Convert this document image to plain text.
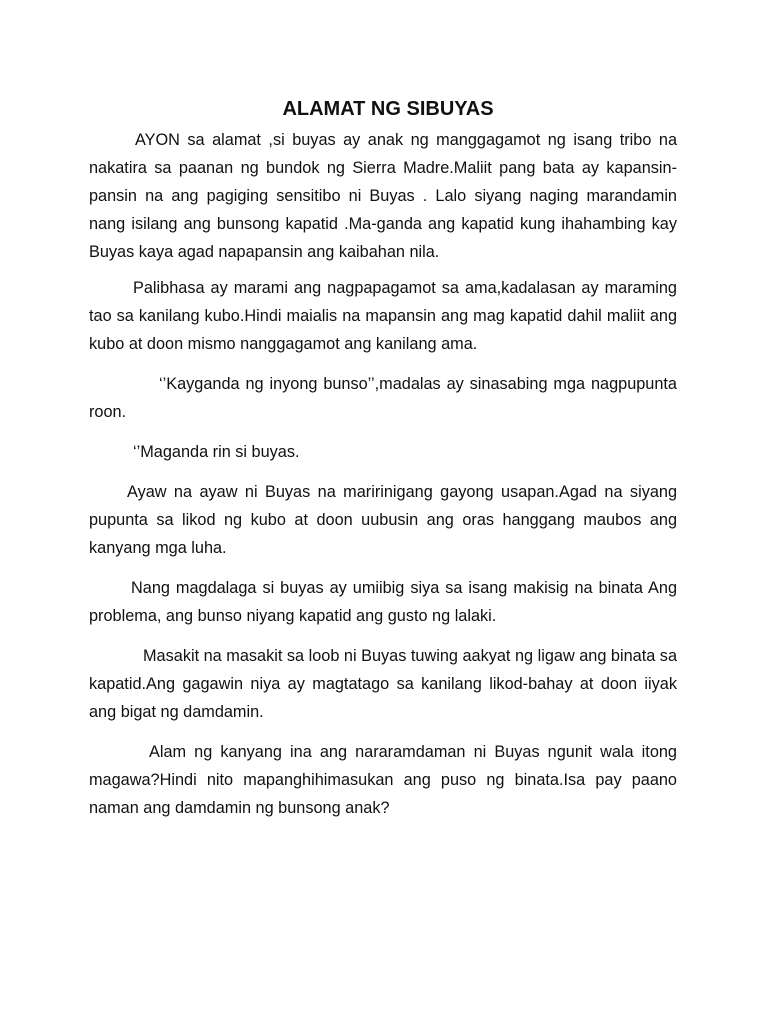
ALAMAT NG SIBUYAS

AYON sa alamat ,si buyas ay anak ng manggagamot ng isang tribo na nakatira sa paanan ng bundok ng Sierra Madre.Maliit pang bata ay kapansin-pansin na ang pagiging sensitibo ni Buyas . Lalo siyang naging marandamin nang isilang ang bunsong kapatid .Ma-ganda ang kapatid kung ihahambing kay Buyas kaya agad napapansin ang kaibahan nila.

Palibhasa ay marami ang nagpapagamot sa ama,kadalasan ay maraming tao sa kanilang kubo.Hindi maialis na mapansin ang mag kapatid dahil maliit ang kubo at doon mismo nanggagamot ang kanilang ama.

‘’Kayganda ng inyong bunso’’,madalas ay sinasabing mga nagpupunta roon.

‘’Maganda rin si buyas.

Ayaw na ayaw ni Buyas na maririnigang gayong usapan.Agad na siyang pupunta sa likod ng kubo at doon uubusin ang oras hanggang maubos ang kanyang mga luha.

Nang magdalaga si buyas ay umiibig siya sa isang makisig na binata Ang problema, ang bunso niyang kapatid ang gusto ng lalaki.

Masakit na masakit sa loob ni Buyas tuwing aakyat ng ligaw ang binata sa kapatid.Ang gagawin niya ay magtatago sa kanilang likod-bahay at doon iiyak ang bigat ng damdamin.

Alam ng kanyang ina ang nararamdaman ni Buyas ngunit wala itong magawa?Hindi nito mapanghihimasukan ang puso ng binata.Isa pay paano naman ang damdamin ng bunsong anak?
